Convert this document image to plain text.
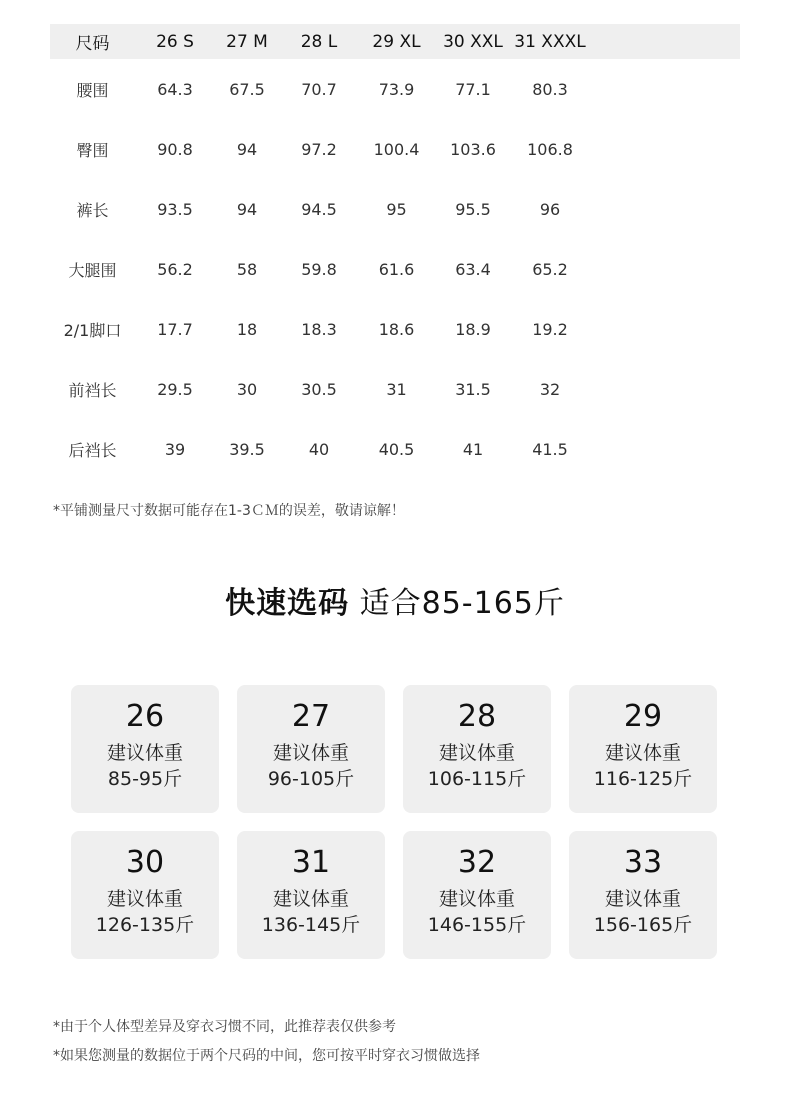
尺码	26 S	27 M	28 L	29 XL	30 XXL 31 XXXL
腰围	64.3	67.5	70.7	73.9	77.1	80.3
臀围	90.8	94	97.2	100.4	103.6	106.8
裤长	93.5	94	94.5	95	95.5	96
大腿围	56.2	58	59.8	61.6	63.4	65.2
2/1脚口	17.7	18	18.3	18.6	18.9	19.2
前裆长	29.5	30	30.5	31	31.5	32
后裆长	39	39.5	40	40.5	41	41.5
*平铺测量尺寸数据可能存在1-3ＣＭ的误差，敬请谅解！
快速选码 适合85-165斤
26
建议体重
85-95斤
27
建议体重
96-105斤
28
建议体重
106-115斤
29
建议体重
116-125斤
30
建议体重
126-135斤
31
建议体重
136-145斤
32
建议体重
146-155斤
33
建议体重
156-165斤
*由于个人体型差异及穿衣习惯不同，此推荐表仅供参考
*如果您测量的数据位于两个尺码的中间，您可按平时穿衣习惯做选择
